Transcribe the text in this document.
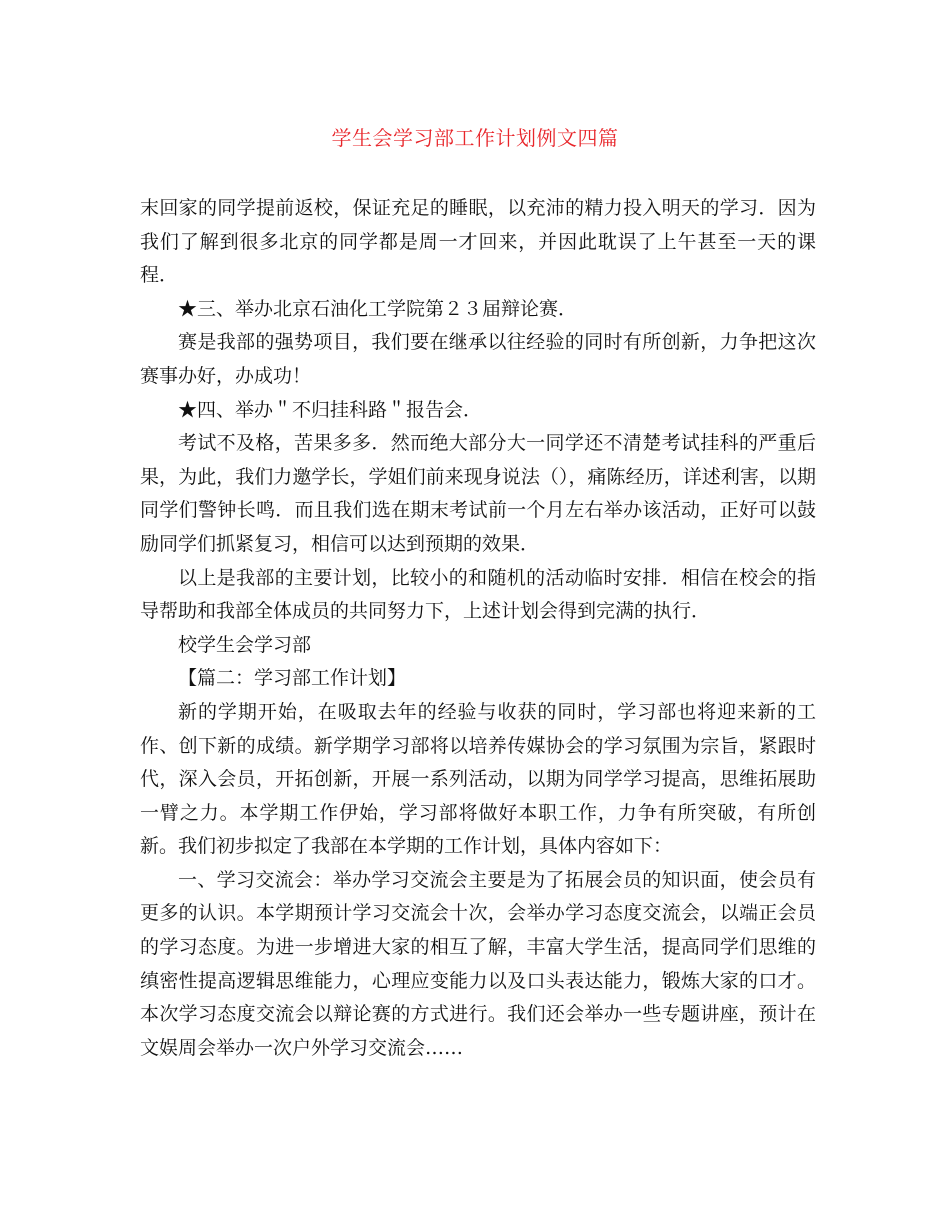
学生会学习部工作计划例文四篇

末回家的同学提前返校，保证充足的睡眠，以充沛的精力投入明天的学习．因为我们了解到很多北京的同学都是周一才回来，并因此耽误了上午甚至一天的课程．

★三、举办北京石油化工学院第２３届辩论赛．

赛是我部的强势项目，我们要在继承以往经验的同时有所创新，力争把这次赛事办好，办成功！

★四、举办＂不归挂科路＂报告会．

考试不及格，苦果多多．然而绝大部分大一同学还不清楚考试挂科的严重后果，为此，我们力邀学长，学姐们前来现身说法（），痛陈经历，详述利害，以期同学们警钟长鸣．而且我们选在期末考试前一个月左右举办该活动，正好可以鼓励同学们抓紧复习，相信可以达到预期的效果．

以上是我部的主要计划，比较小的和随机的活动临时安排．相信在校会的指导帮助和我部全体成员的共同努力下，上述计划会得到完满的执行．

校学生会学习部

【篇二：学习部工作计划】

新的学期开始，在吸取去年的经验与收获的同时，学习部也将迎来新的工作、创下新的成绩。新学期学习部将以培养传媒协会的学习氛围为宗旨，紧跟时代，深入会员，开拓创新，开展一系列活动，以期为同学学习提高，思维拓展助一臂之力。本学期工作伊始，学习部将做好本职工作，力争有所突破，有所创新。我们初步拟定了我部在本学期的工作计划，具体内容如下：

一、学习交流会：举办学习交流会主要是为了拓展会员的知识面，使会员有更多的认识。本学期预计学习交流会十次，会举办学习态度交流会，以端正会员的学习态度。为进一步增进大家的相互了解，丰富大学生活，提高同学们思维的缜密性提高逻辑思维能力，心理应变能力以及口头表达能力，锻炼大家的口才。本次学习态度交流会以辩论赛的方式进行。我们还会举办一些专题讲座，预计在文娱周会举办一次户外学习交流会……
